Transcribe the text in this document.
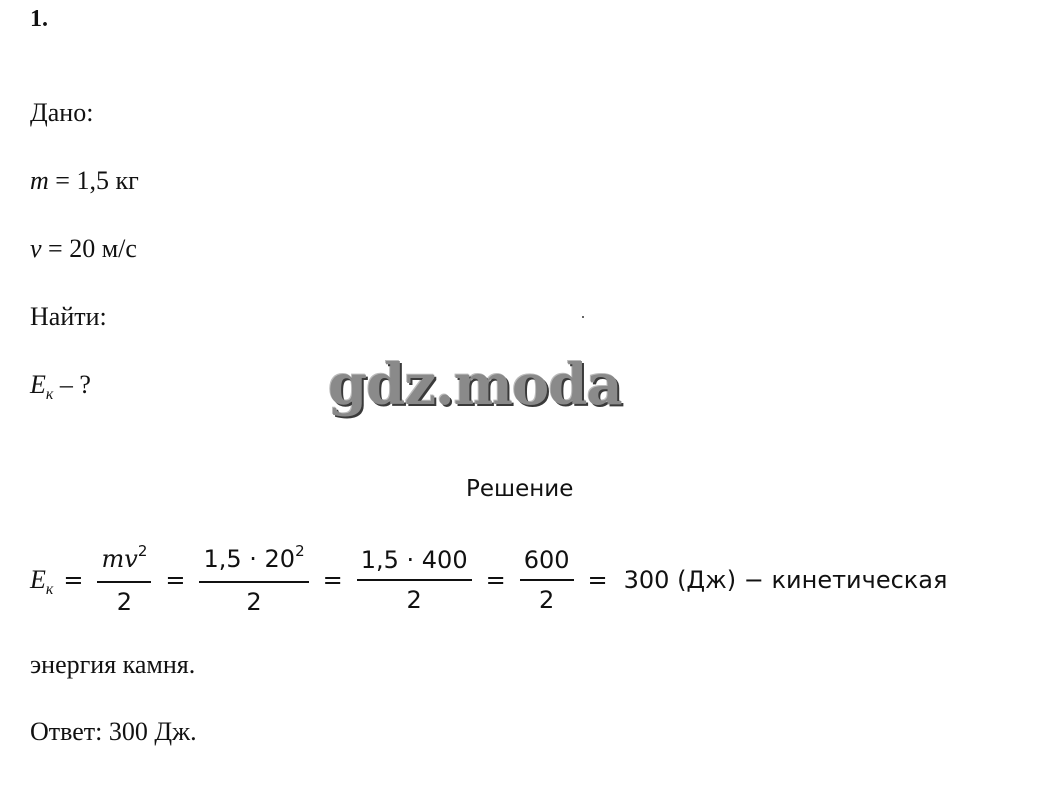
1.
Дано:
m = 1,5 кг
v = 20 м/с
Найти:
$E_к$ – ?	gdz.moda
Решение
$E_к = \frac{mv^2}{2} = \frac{1,5 \cdot 20^2}{2} = \frac{1,5 \cdot 400}{2} = \frac{600}{2} = 300$ (Дж) − кинетическая
энергия камня.
Ответ: 300 Дж.
